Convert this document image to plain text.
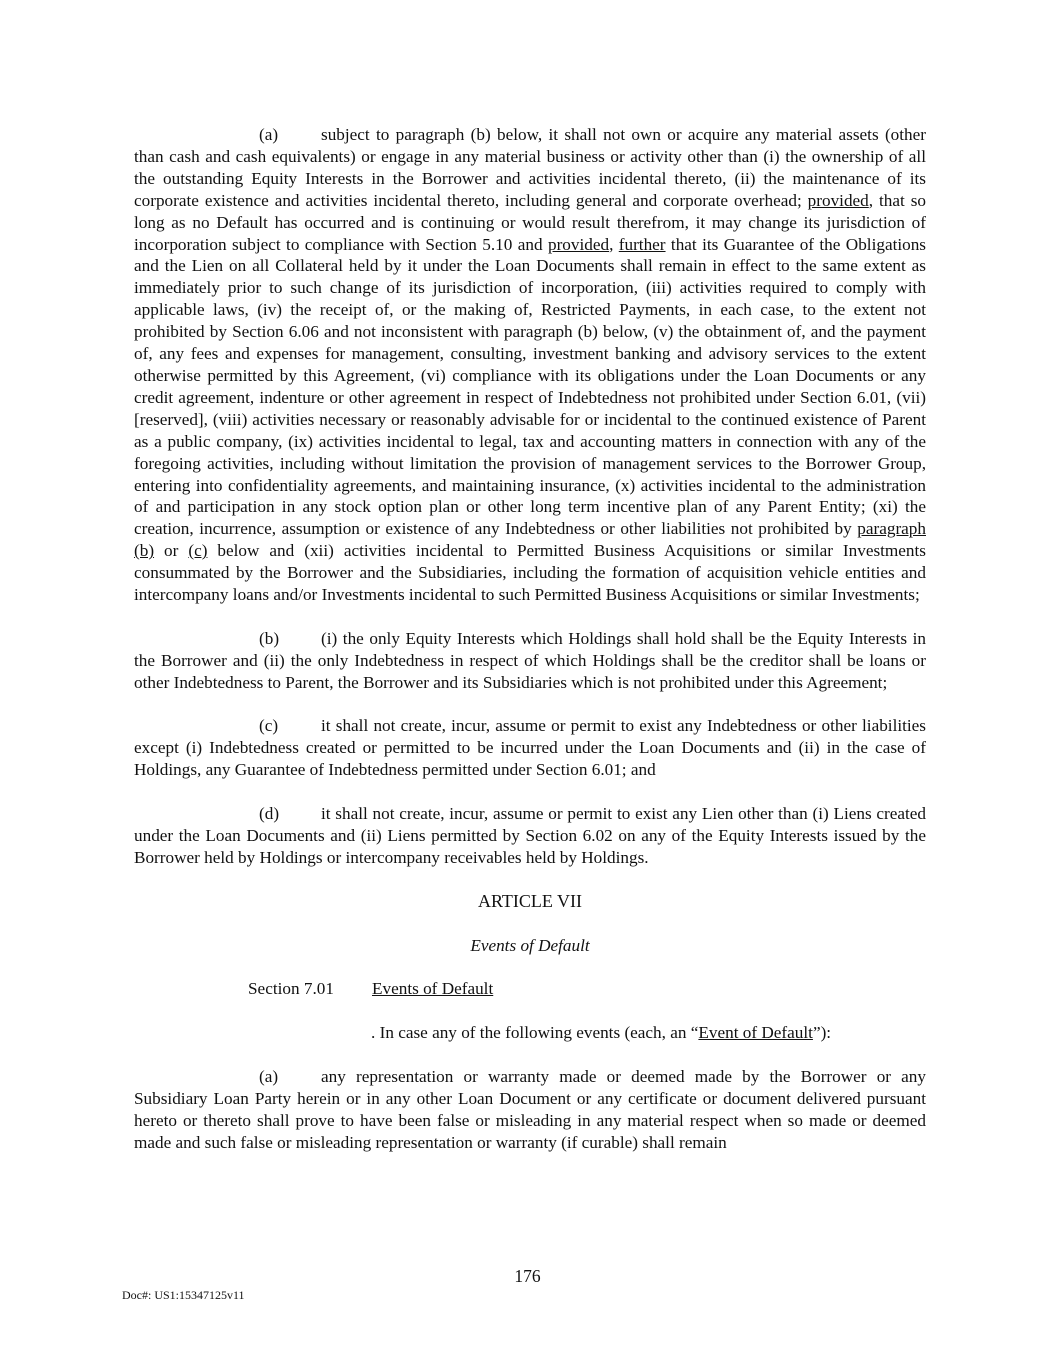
(a) subject to paragraph (b) below, it shall not own or acquire any material assets (other than cash and cash equivalents) or engage in any material business or activity other than (i) the ownership of all the outstanding Equity Interests in the Borrower and activities incidental thereto, (ii) the maintenance of its corporate existence and activities incidental thereto, including general and corporate overhead; provided, that so long as no Default has occurred and is continuing or would result therefrom, it may change its jurisdiction of incorporation subject to compliance with Section 5.10 and provided, further that its Guarantee of the Obligations and the Lien on all Collateral held by it under the Loan Documents shall remain in effect to the same extent as immediately prior to such change of its jurisdiction of incorporation, (iii) activities required to comply with applicable laws, (iv) the receipt of, or the making of, Restricted Payments, in each case, to the extent not prohibited by Section 6.06 and not inconsistent with paragraph (b) below, (v) the obtainment of, and the payment of, any fees and expenses for management, consulting, investment banking and advisory services to the extent otherwise permitted by this Agreement, (vi) compliance with its obligations under the Loan Documents or any credit agreement, indenture or other agreement in respect of Indebtedness not prohibited under Section 6.01, (vii) [reserved], (viii) activities necessary or reasonably advisable for or incidental to the continued existence of Parent as a public company, (ix) activities incidental to legal, tax and accounting matters in connection with any of the foregoing activities, including without limitation the provision of management services to the Borrower Group, entering into confidentiality agreements, and maintaining insurance, (x) activities incidental to the administration of and participation in any stock option plan or other long term incentive plan of any Parent Entity; (xi) the creation, incurrence, assumption or existence of any Indebtedness or other liabilities not prohibited by paragraph (b) or (c) below and (xii) activities incidental to Permitted Business Acquisitions or similar Investments consummated by the Borrower and the Subsidiaries, including the formation of acquisition vehicle entities and intercompany loans and/or Investments incidental to such Permitted Business Acquisitions or similar Investments;

(b) (i) the only Equity Interests which Holdings shall hold shall be the Equity Interests in the Borrower and (ii) the only Indebtedness in respect of which Holdings shall be the creditor shall be loans or other Indebtedness to Parent, the Borrower and its Subsidiaries which is not prohibited under this Agreement;

(c) it shall not create, incur, assume or permit to exist any Indebtedness or other liabilities except (i) Indebtedness created or permitted to be incurred under the Loan Documents and (ii) in the case of Holdings, any Guarantee of Indebtedness permitted under Section 6.01; and

(d) it shall not create, incur, assume or permit to exist any Lien other than (i) Liens created under the Loan Documents and (ii) Liens permitted by Section 6.02 on any of the Equity Interests issued by the Borrower held by Holdings or intercompany receivables held by Holdings.

ARTICLE VII

Events of Default

Section 7.01 Events of Default

. In case any of the following events (each, an “Event of Default”):

(a) any representation or warranty made or deemed made by the Borrower or any Subsidiary Loan Party herein or in any other Loan Document or any certificate or document delivered pursuant hereto or thereto shall prove to have been false or misleading in any material respect when so made or deemed made and such false or misleading representation or warranty (if curable) shall remain

176
Doc#: US1:15347125v11
